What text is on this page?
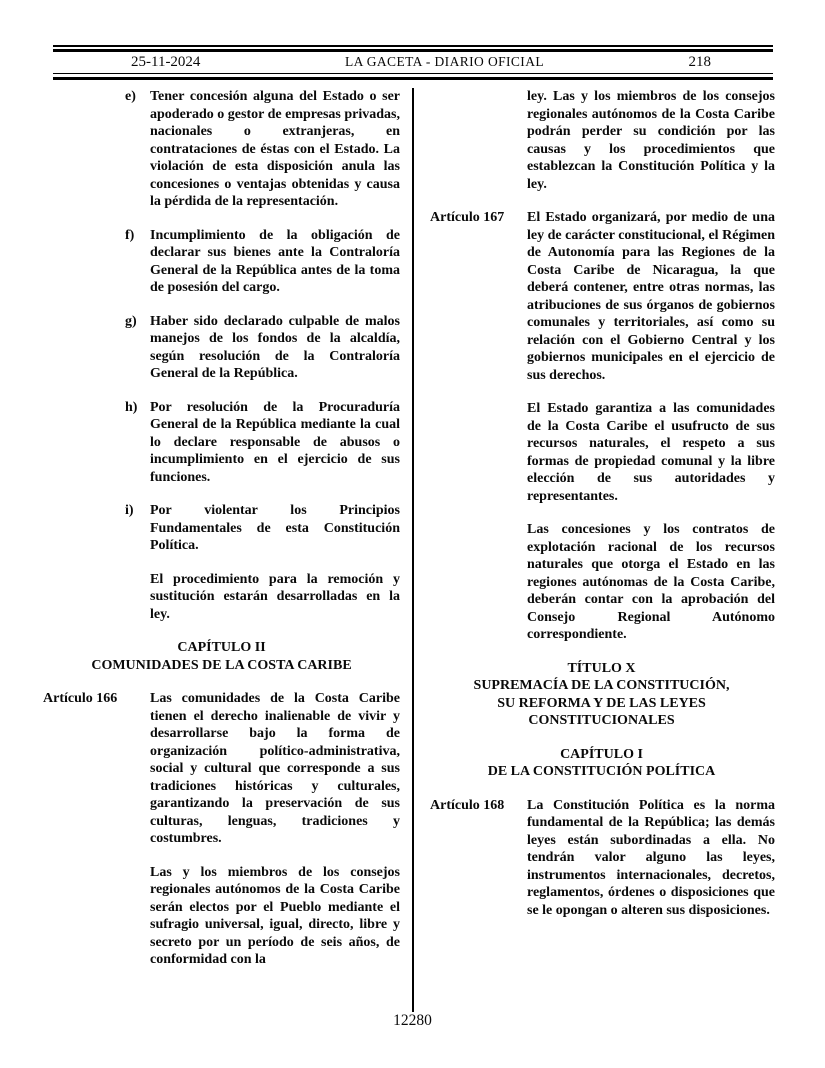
25-11-2024	LA GACETA - DIARIO OFICIAL	218
e) Tener concesión alguna del Estado o ser apoderado o gestor de empresas privadas, nacionales o extranjeras, en contrataciones de éstas con el Estado. La violación de esta disposición anula las concesiones o ventajas obtenidas y causa la pérdida de la representación.

f) Incumplimiento de la obligación de declarar sus bienes ante la Contraloría General de la República antes de la toma de posesión del cargo.

g) Haber sido declarado culpable de malos manejos de los fondos de la alcaldía, según resolución de la Contraloría General de la República.

h) Por resolución de la Procuraduría General de la República mediante la cual lo declare responsable de abusos o incumplimiento en el ejercicio de sus funciones.

i) Por violentar los Principios Fundamentales de esta Constitución Política.

El procedimiento para la remoción y sustitución estarán desarrolladas en la ley.

CAPÍTULO II
COMUNIDADES DE LA COSTA CARIBE
Artículo 166 Las comunidades de la Costa Caribe tienen el derecho inalienable de vivir y desarrollarse bajo la forma de organización político-administrativa, social y cultural que corresponde a sus tradiciones históricas y culturales, garantizando la preservación de sus culturas, lenguas, tradiciones y costumbres.

Las y los miembros de los consejos regionales autónomos de la Costa Caribe serán electos por el Pueblo mediante el sufragio universal, igual, directo, libre y secreto por un período de seis años, de conformidad con la

ley. Las y los miembros de los consejos regionales autónomos de la Costa Caribe podrán perder su condición por las causas y los procedimientos que establezcan la Constitución Política y la ley.

Artículo 167 El Estado organizará, por medio de una ley de carácter constitucional, el Régimen de Autonomía para las Regiones de la Costa Caribe de Nicaragua, la que deberá contener, entre otras normas, las atribuciones de sus órganos de gobiernos comunales y territoriales, así como su relación con el Gobierno Central y los gobiernos municipales en el ejercicio de sus derechos.

El Estado garantiza a las comunidades de la Costa Caribe el usufructo de sus recursos naturales, el respeto a sus formas de propiedad comunal y la libre elección de sus autoridades y representantes.

Las concesiones y los contratos de explotación racional de los recursos naturales que otorga el Estado en las regiones autónomas de la Costa Caribe, deberán contar con la aprobación del Consejo Regional Autónomo correspondiente.

TÍTULO X
SUPREMACÍA DE LA CONSTITUCIÓN,
SU REFORMA Y DE LAS LEYES
CONSTITUCIONALES
CAPÍTULO I
DE LA CONSTITUCIÓN POLÍTICA
Artículo 168 La Constitución Política es la norma fundamental de la República; las demás leyes están subordinadas a ella. No tendrán valor alguno las leyes, instrumentos internacionales, decretos, reglamentos, órdenes o disposiciones que se le opongan o alteren sus disposiciones.

12280
